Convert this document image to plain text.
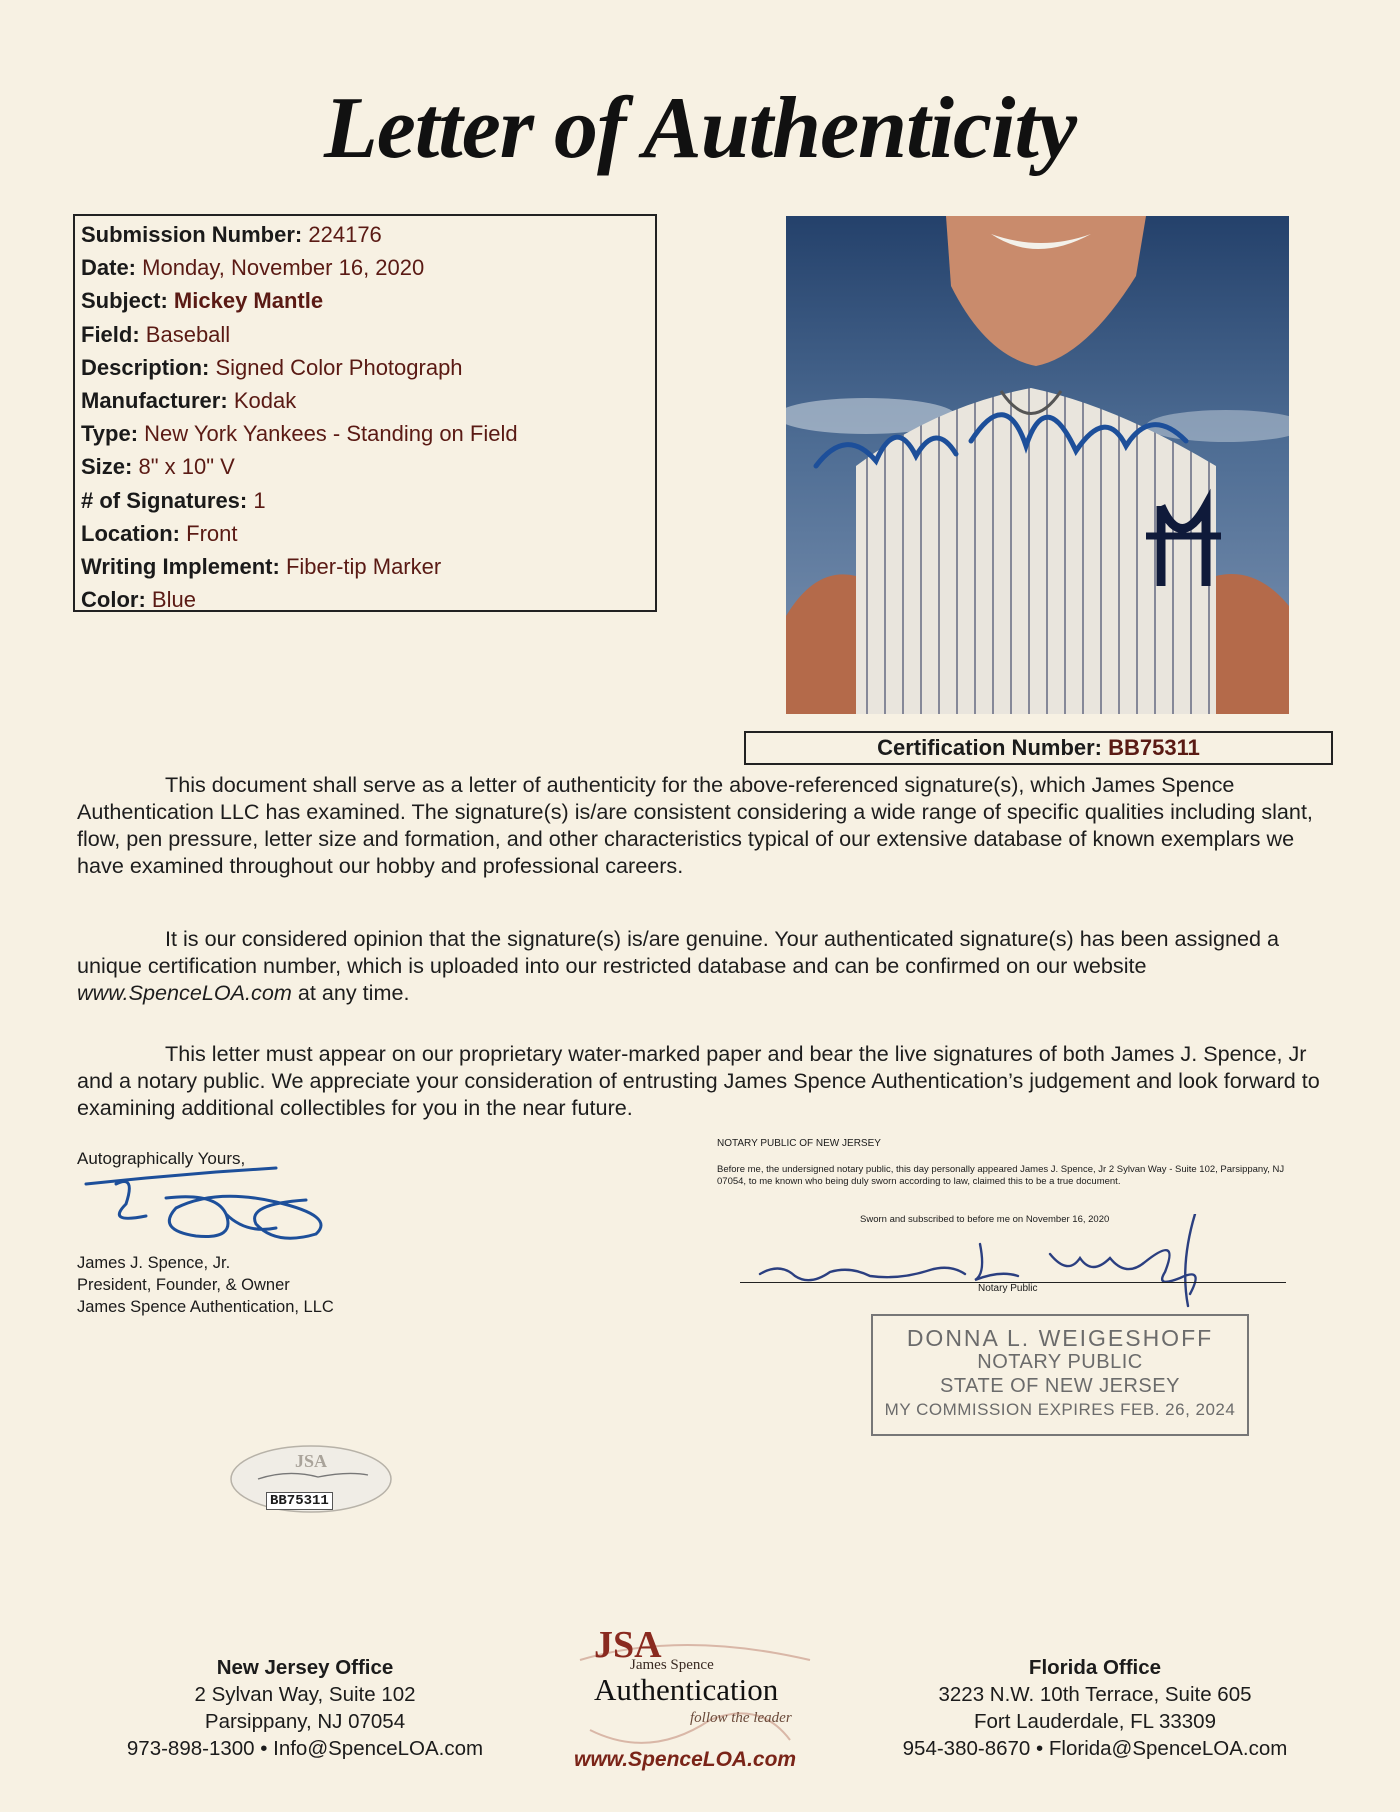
Letter of Authenticity
Submission Number: 224176
Date: Monday, November 16, 2020
Subject: Mickey Mantle
Field: Baseball
Description: Signed Color Photograph
Manufacturer: Kodak
Type: New York Yankees - Standing on Field
Size: 8" x 10" V
# of Signatures: 1
Location: Front
Writing Implement: Fiber-tip Marker
Color: Blue
Certification Number: BB75311
This document shall serve as a letter of authenticity for the above-referenced signature(s), which James Spence Authentication LLC has examined. The signature(s) is/are consistent considering a wide range of specific qualities including slant, flow, pen pressure, letter size and formation, and other characteristics typical of our extensive database of known exemplars we have examined throughout our hobby and professional careers.
It is our considered opinion that the signature(s) is/are genuine. Your authenticated signature(s) has been assigned a unique certification number, which is uploaded into our restricted database and can be confirmed on our website www.SpenceLOA.com at any time.
This letter must appear on our proprietary water-marked paper and bear the live signatures of both James J. Spence, Jr and a notary public. We appreciate your consideration of entrusting James Spence Authentication’s judgement and look forward to examining additional collectibles for you in the near future.
Autographically Yours,
James J. Spence, Jr.
President, Founder, & Owner
James Spence Authentication, LLC
NOTARY PUBLIC OF NEW JERSEY
Before me, the undersigned notary public, this day personally appeared James J. Spence, Jr 2 Sylvan Way - Suite 102, Parsippany, NJ 07054, to me known who being duly sworn according to law, claimed this to be a true document.
Sworn and subscribed to before me on November 16, 2020
Notary Public
DONNA L. WEIGESHOFF
NOTARY PUBLIC
STATE OF NEW JERSEY
MY COMMISSION EXPIRES FEB. 26, 2024
JSA
BB75311
New Jersey Office
2 Sylvan Way, Suite 102
Parsippany, NJ 07054
973-898-1300 • Info@SpenceLOA.com
JSA
James Spence
Authentication
follow the leader
www.SpenceLOA.com
Florida Office
3223 N.W. 10th Terrace, Suite 605
Fort Lauderdale, FL 33309
954-380-8670 • Florida@SpenceLOA.com
